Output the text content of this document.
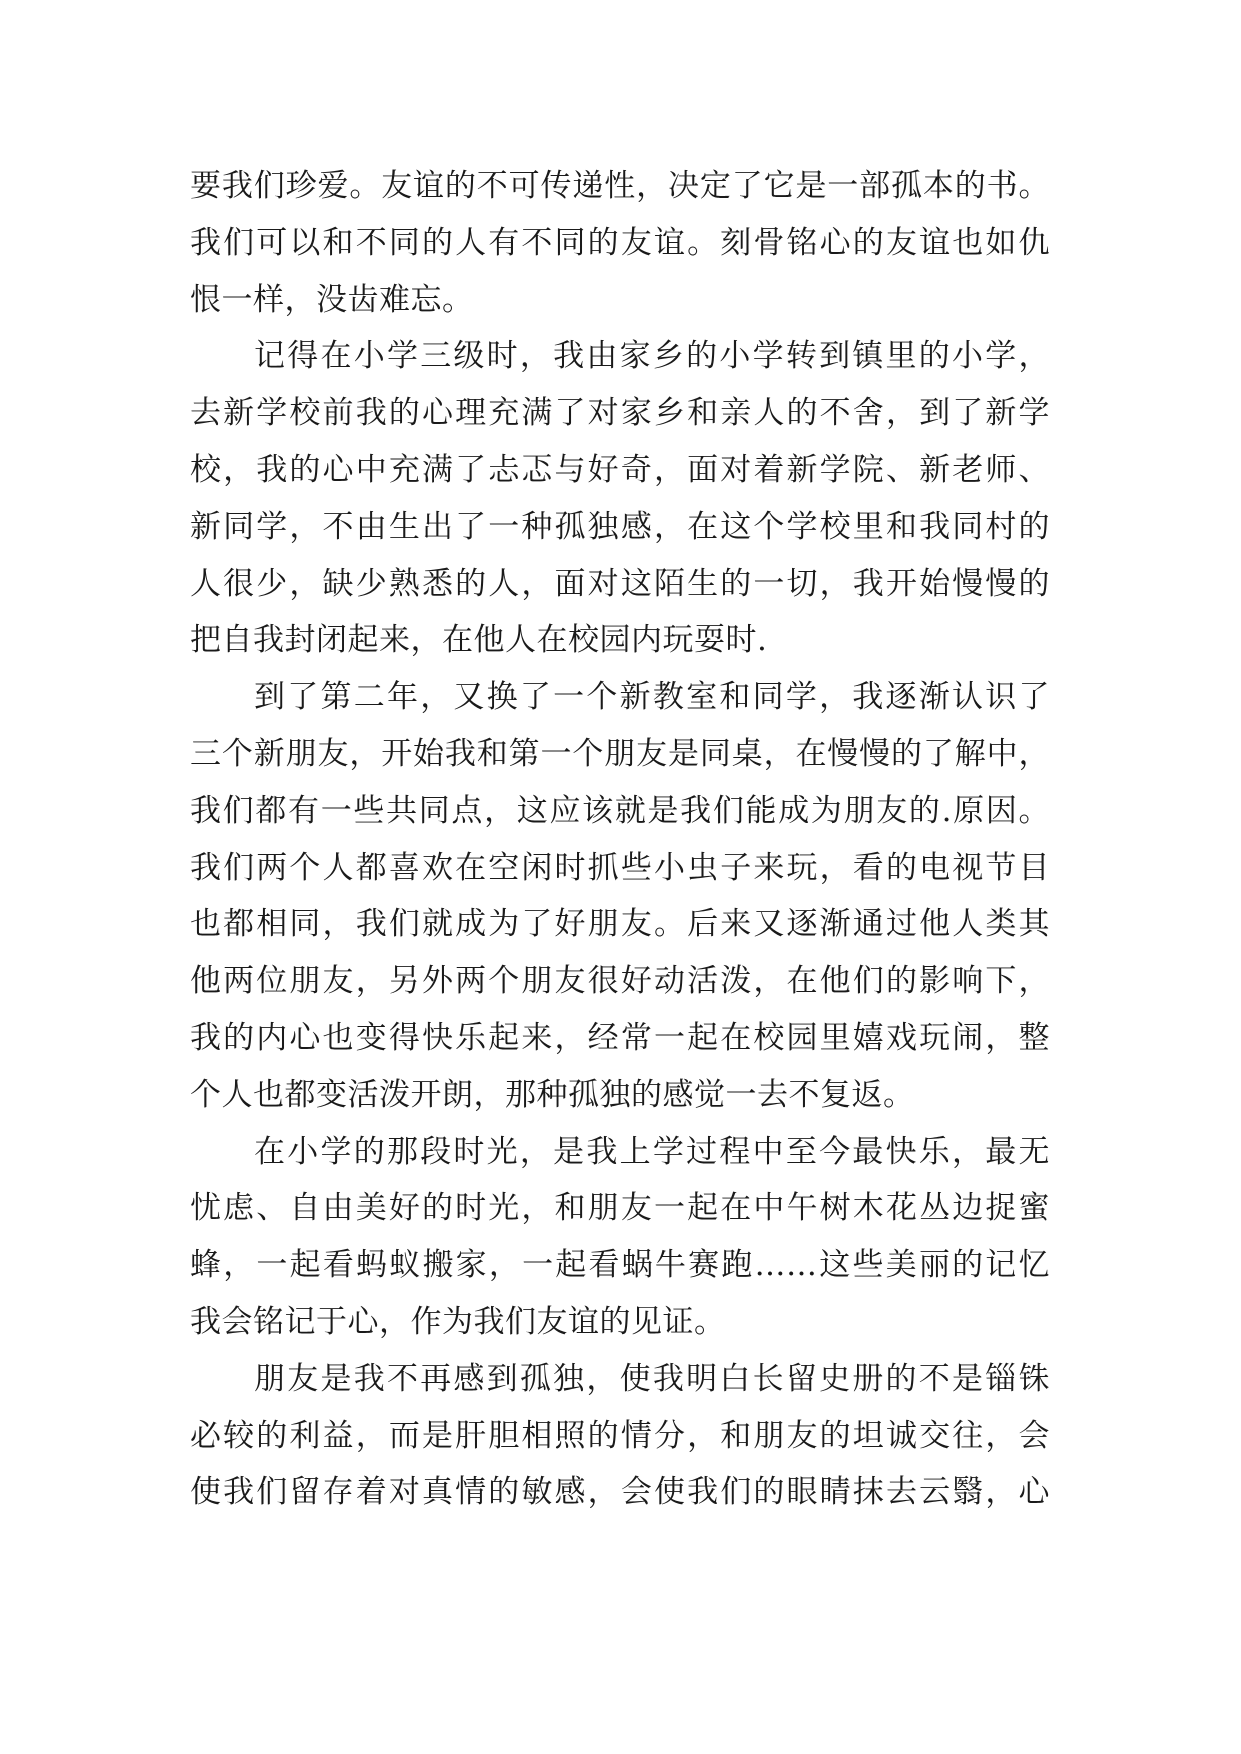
要我们珍爱。友谊的不可传递性，决定了它是一部孤本的书。
我们可以和不同的人有不同的友谊。刻骨铭心的友谊也如仇
恨一样，没齿难忘。
记得在小学三级时，我由家乡的小学转到镇里的小学，
去新学校前我的心理充满了对家乡和亲人的不舍，到了新学
校，我的心中充满了忐忑与好奇，面对着新学院、新老师、
新同学，不由生出了一种孤独感，在这个学校里和我同村的
人很少，缺少熟悉的人，面对这陌生的一切，我开始慢慢的
把自我封闭起来，在他人在校园内玩耍时.
到了第二年，又换了一个新教室和同学，我逐渐认识了
三个新朋友，开始我和第一个朋友是同桌，在慢慢的了解中，
我们都有一些共同点，这应该就是我们能成为朋友的.原因。
我们两个人都喜欢在空闲时抓些小虫子来玩，看的电视节目
也都相同，我们就成为了好朋友。后来又逐渐通过他人类其
他两位朋友，另外两个朋友很好动活泼，在他们的影响下，
我的内心也变得快乐起来，经常一起在校园里嬉戏玩闹，整
个人也都变活泼开朗，那种孤独的感觉一去不复返。
在小学的那段时光，是我上学过程中至今最快乐，最无
忧虑、自由美好的时光，和朋友一起在中午树木花丛边捉蜜
蜂，一起看蚂蚁搬家，一起看蜗牛赛跑……这些美丽的记忆
我会铭记于心，作为我们友谊的见证。
朋友是我不再感到孤独，使我明白长留史册的不是锱铢
必较的利益，而是肝胆相照的情分，和朋友的坦诚交往，会
使我们留存着对真情的敏感，会使我们的眼睛抹去云翳，心
